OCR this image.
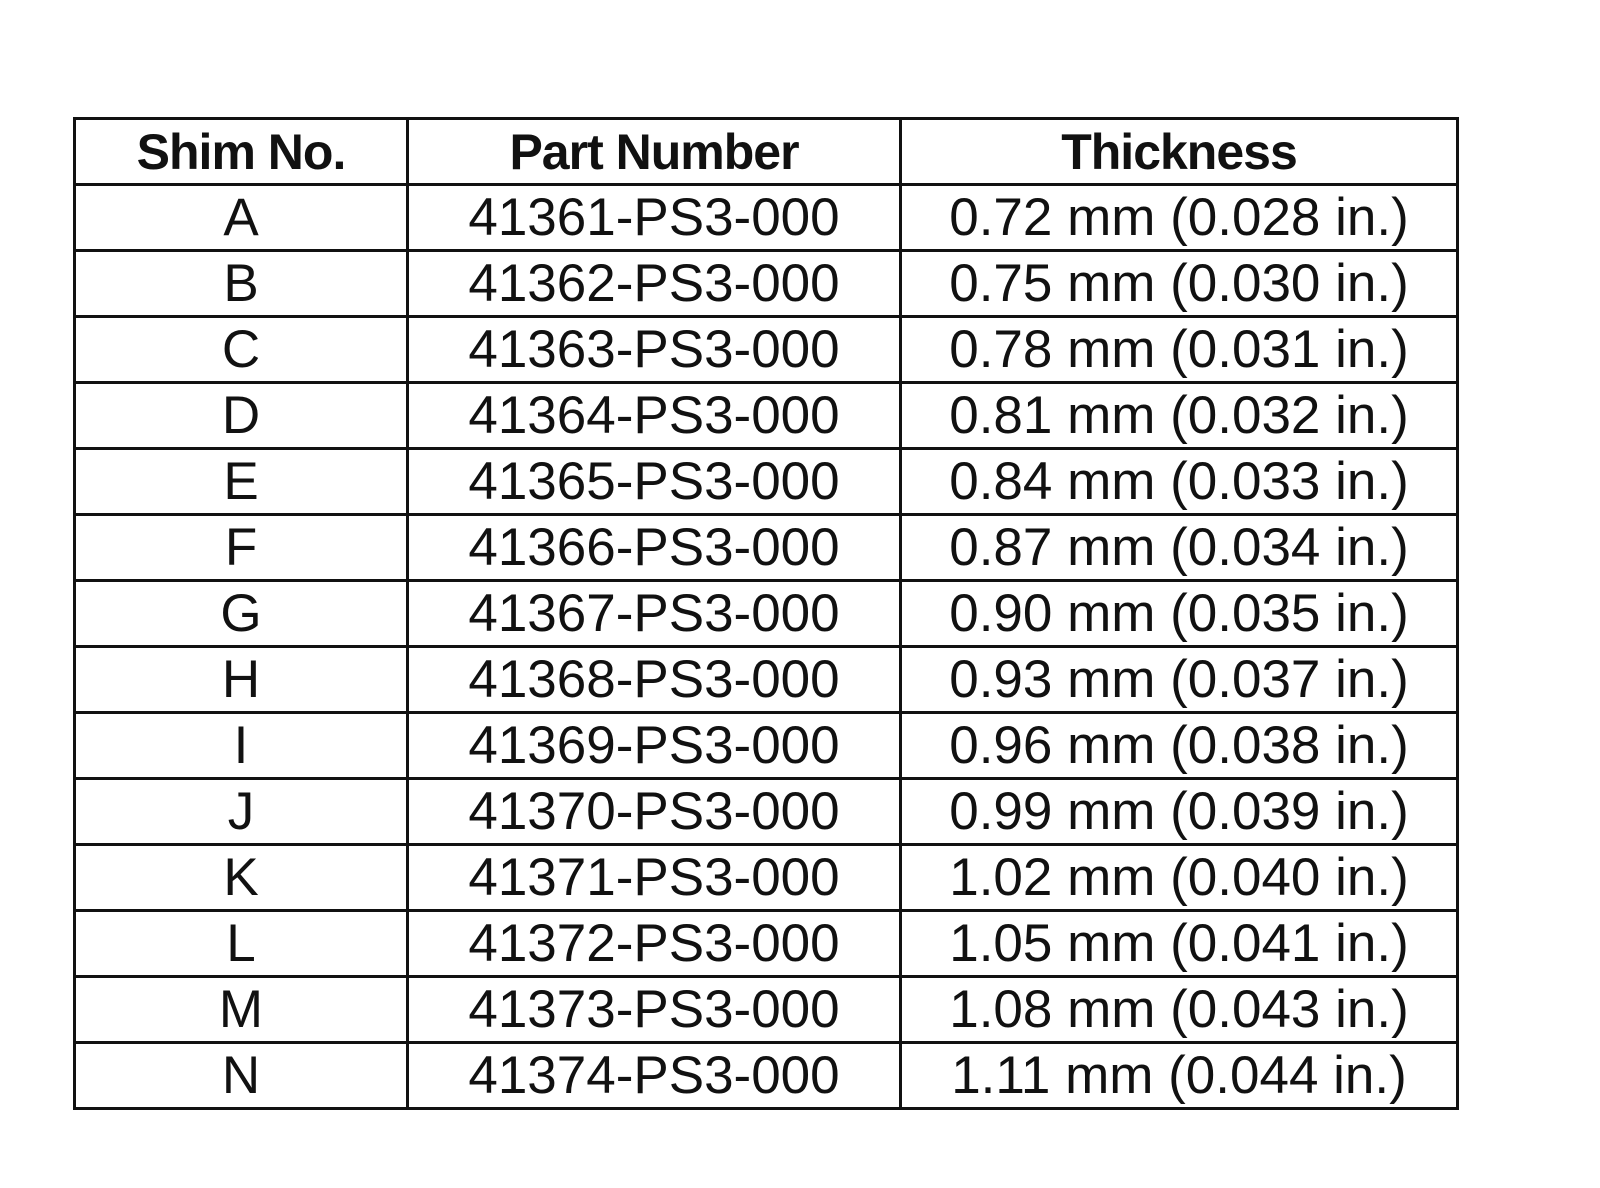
Shim No.	Part Number	Thickness
A	41361-PS3-000	0.72 mm (0.028 in.)
B	41362-PS3-000	0.75 mm (0.030 in.)
C	41363-PS3-000	0.78 mm (0.031 in.)
D	41364-PS3-000	0.81 mm (0.032 in.)
E	41365-PS3-000	0.84 mm (0.033 in.)
F	41366-PS3-000	0.87 mm (0.034 in.)
G	41367-PS3-000	0.90 mm (0.035 in.)
H	41368-PS3-000	0.93 mm (0.037 in.)
I	41369-PS3-000	0.96 mm (0.038 in.)
J	41370-PS3-000	0.99 mm (0.039 in.)
K	41371-PS3-000	1.02 mm (0.040 in.)
L	41372-PS3-000	1.05 mm (0.041 in.)
M	41373-PS3-000	1.08 mm (0.043 in.)
N	41374-PS3-000	1.11 mm (0.044 in.)
